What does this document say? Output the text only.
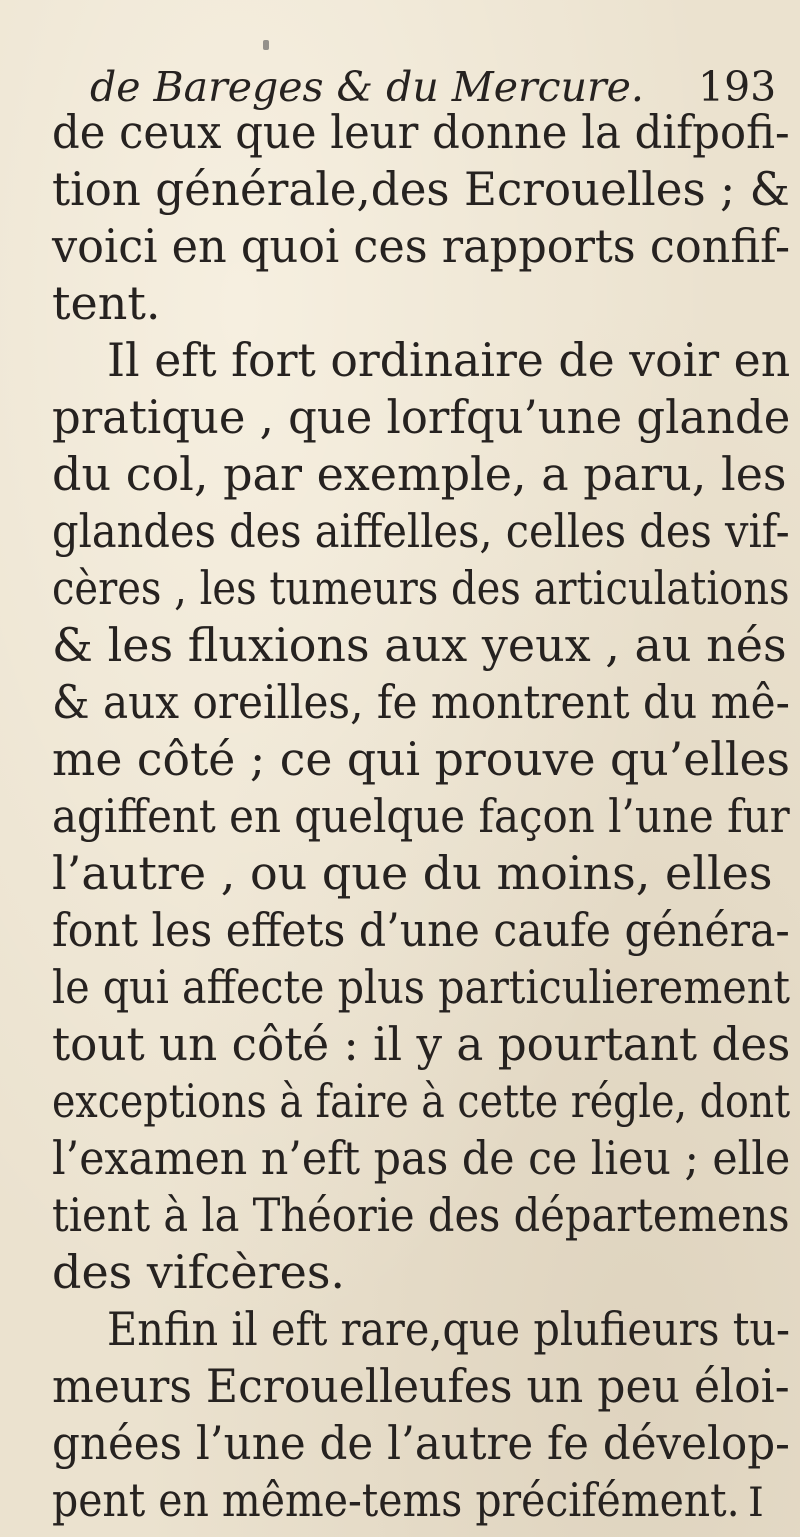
de Bareges & du Mercure. 193
de ceux que leur donne la difpofi-
tion générale,des Ecrouelles ; &
voici en quoi ces rapports confif-
tent.
Il eft fort ordinaire de voir en
pratique , que lorfqu’une glande
du col, par exemple, a paru, les
glandes des aiffelles, celles des vif-
cères , les tumeurs des articulations
& les fluxions aux yeux , au nés
& aux oreilles, fe montrent du mê-
me côté ; ce qui prouve qu’elles
agiffent en quelque façon l’une fur
l’autre , ou que du moins, elles
font les effets d’une caufe généra-
le qui affecte plus particulierement
tout un côté : il y a pourtant des
exceptions à faire à cette régle, dont
l’examen n’eft pas de ce lieu ; elle
tient à la Théorie des départemens
des vifcères.
Enfin il eft rare,que plufieurs tu-
meurs Ecrouelleufes un peu éloi-
gnées l’une de l’autre fe dévelop-
pent en même-tems précifément. I
